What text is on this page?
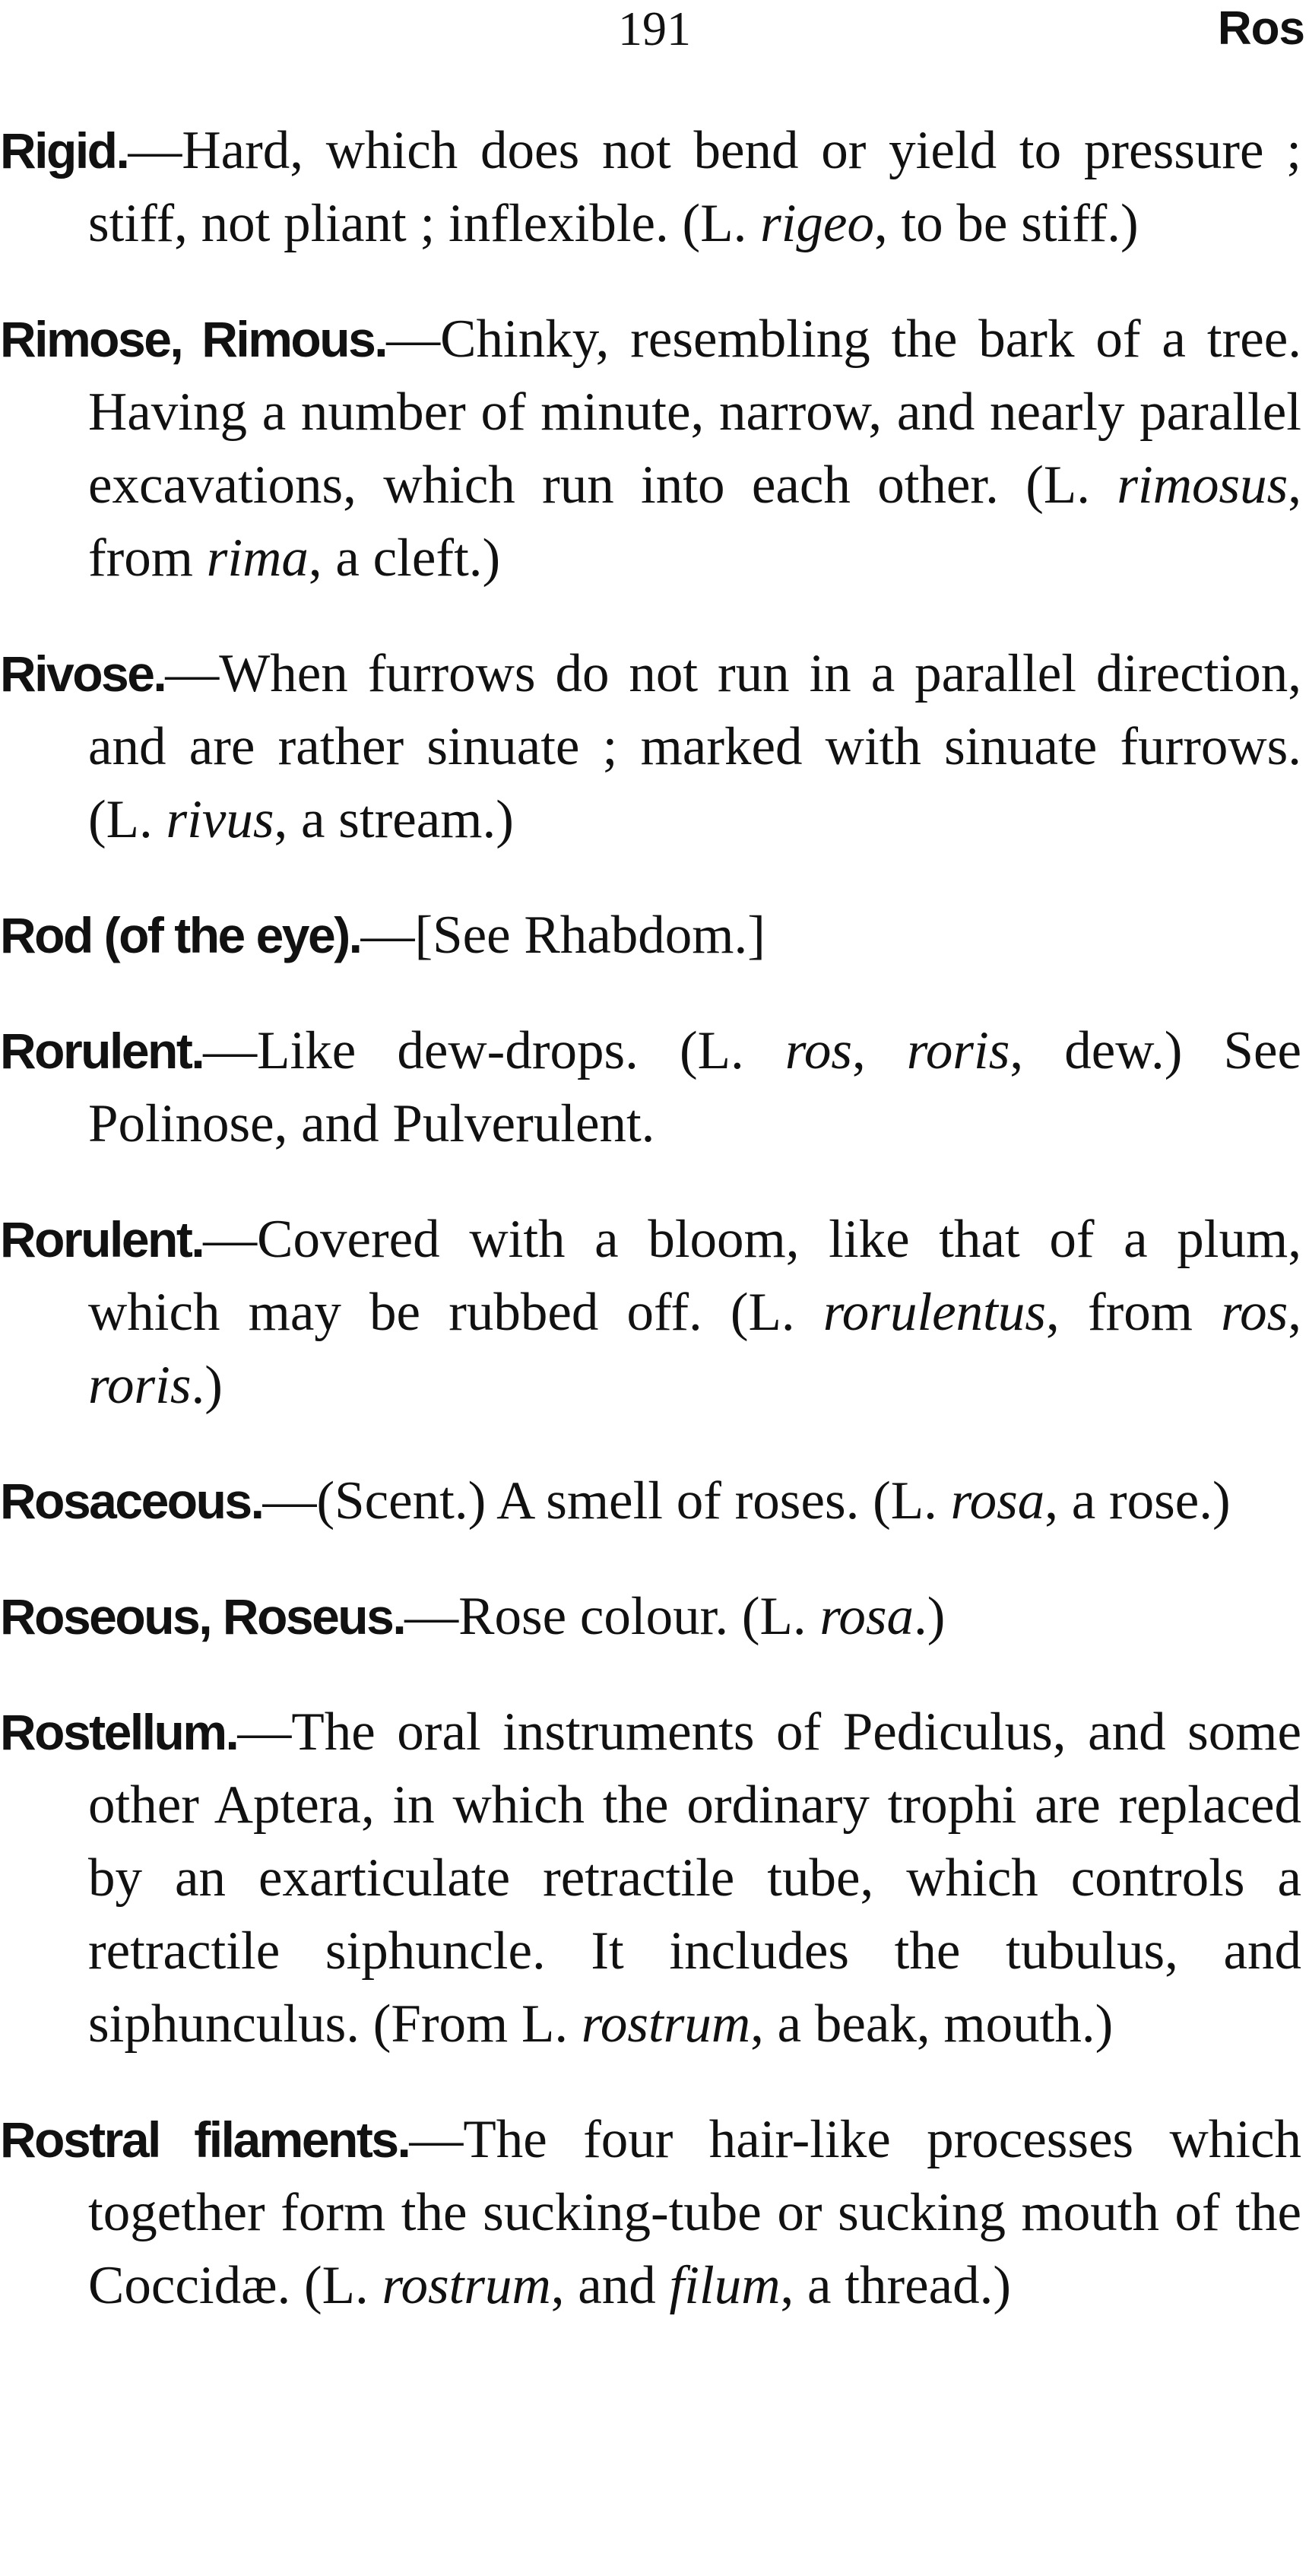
191	Ros

Rigid.—Hard, which does not bend or yield to pressure ; stiff, not pliant ; inflexible. (L. rigeo, to be stiff.)

Rimose, Rimous.—Chinky, resembling the bark of a tree. Having a number of minute, narrow, and nearly parallel excavations, which run into each other. (L. rimosus, from rima, a cleft.)

Rivose.—When furrows do not run in a parallel direction, and are rather sinuate ; marked with sinuate furrows. (L. rivus, a stream.)

Rod (of the eye).—[See Rhabdom.]

Rorulent.—Like dew-drops. (L. ros, roris, dew.) See Polinose, and Pulverulent.

Rorulent.—Covered with a bloom, like that of a plum, which may be rubbed off. (L. rorulentus, from ros, roris.)

Rosaceous.—(Scent.) A smell of roses. (L. rosa, a rose.)

Roseous, Roseus.—Rose colour. (L. rosa.)

Rostellum.—The oral instruments of Pediculus, and some other Aptera, in which the ordinary trophi are replaced by an exarticulate retractile tube, which controls a retractile siphuncle. It includes the tubulus, and siphunculus. (From L. rostrum, a beak, mouth.)

Rostral filaments.—The four hair-like processes which together form the sucking-tube or sucking mouth of the Coccidæ. (L. rostrum, and filum, a thread.)
